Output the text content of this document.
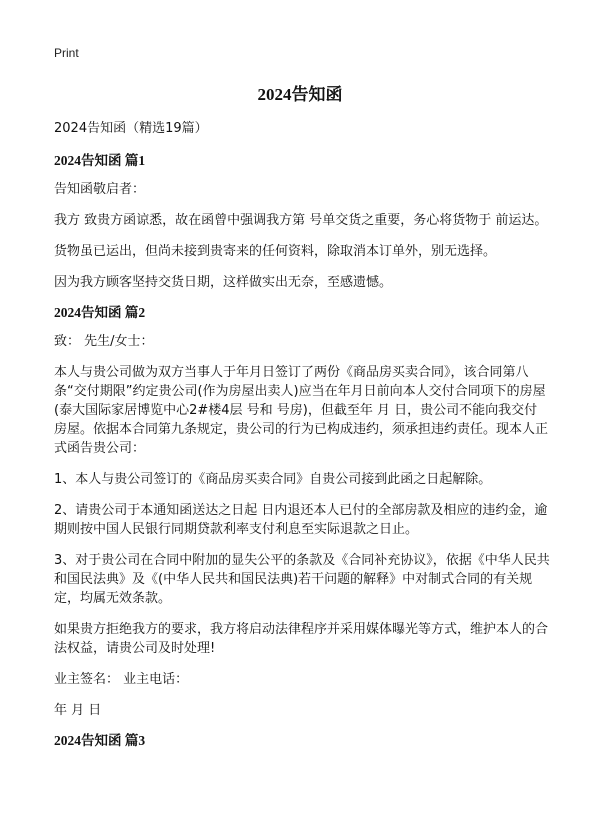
Print
2024告知函
2024告知函（精选19篇）
2024告知函 篇1
告知函敬启者：
我方 致贵方函谅悉，故在函曾中强调我方第 号单交货之重要，务心将货物于 前运达。
货物虽已运出，但尚未接到贵寄来的任何资料，除取消本订单外，别无选择。
因为我方顾客坚持交货日期，这样做实出无奈，至感遗憾。
2024告知函 篇2
致： 先生/女士：
本人与贵公司做为双方当事人于年月日签订了两份《商品房买卖合同》，该合同第八条“交付期限”约定贵公司(作为房屋出卖人)应当在年月日前向本人交付合同项下的房屋(泰大国际家居博览中心2#楼4层 号和 号房)，但截至年 月 日，贵公司不能向我交付房屋。依据本合同第九条规定，贵公司的行为已构成违约，须承担违约责任。现本人正式函告贵公司：
1、本人与贵公司签订的《商品房买卖合同》自贵公司接到此函之日起解除。
2、请贵公司于本通知函送达之日起 日内退还本人已付的全部房款及相应的违约金，逾期则按中国人民银行同期贷款利率支付利息至实际退款之日止。
3、对于贵公司在合同中附加的显失公平的条款及《合同补充协议》，依据《中华人民共和国民法典》及《(中华人民共和国民法典)若干问题的解释》中对制式合同的有关规定，均属无效条款。
如果贵方拒绝我方的要求，我方将启动法律程序并采用媒体曝光等方式，维护本人的合法权益，请贵公司及时处理!
业主签名： 业主电话：
年 月 日
2024告知函 篇3
